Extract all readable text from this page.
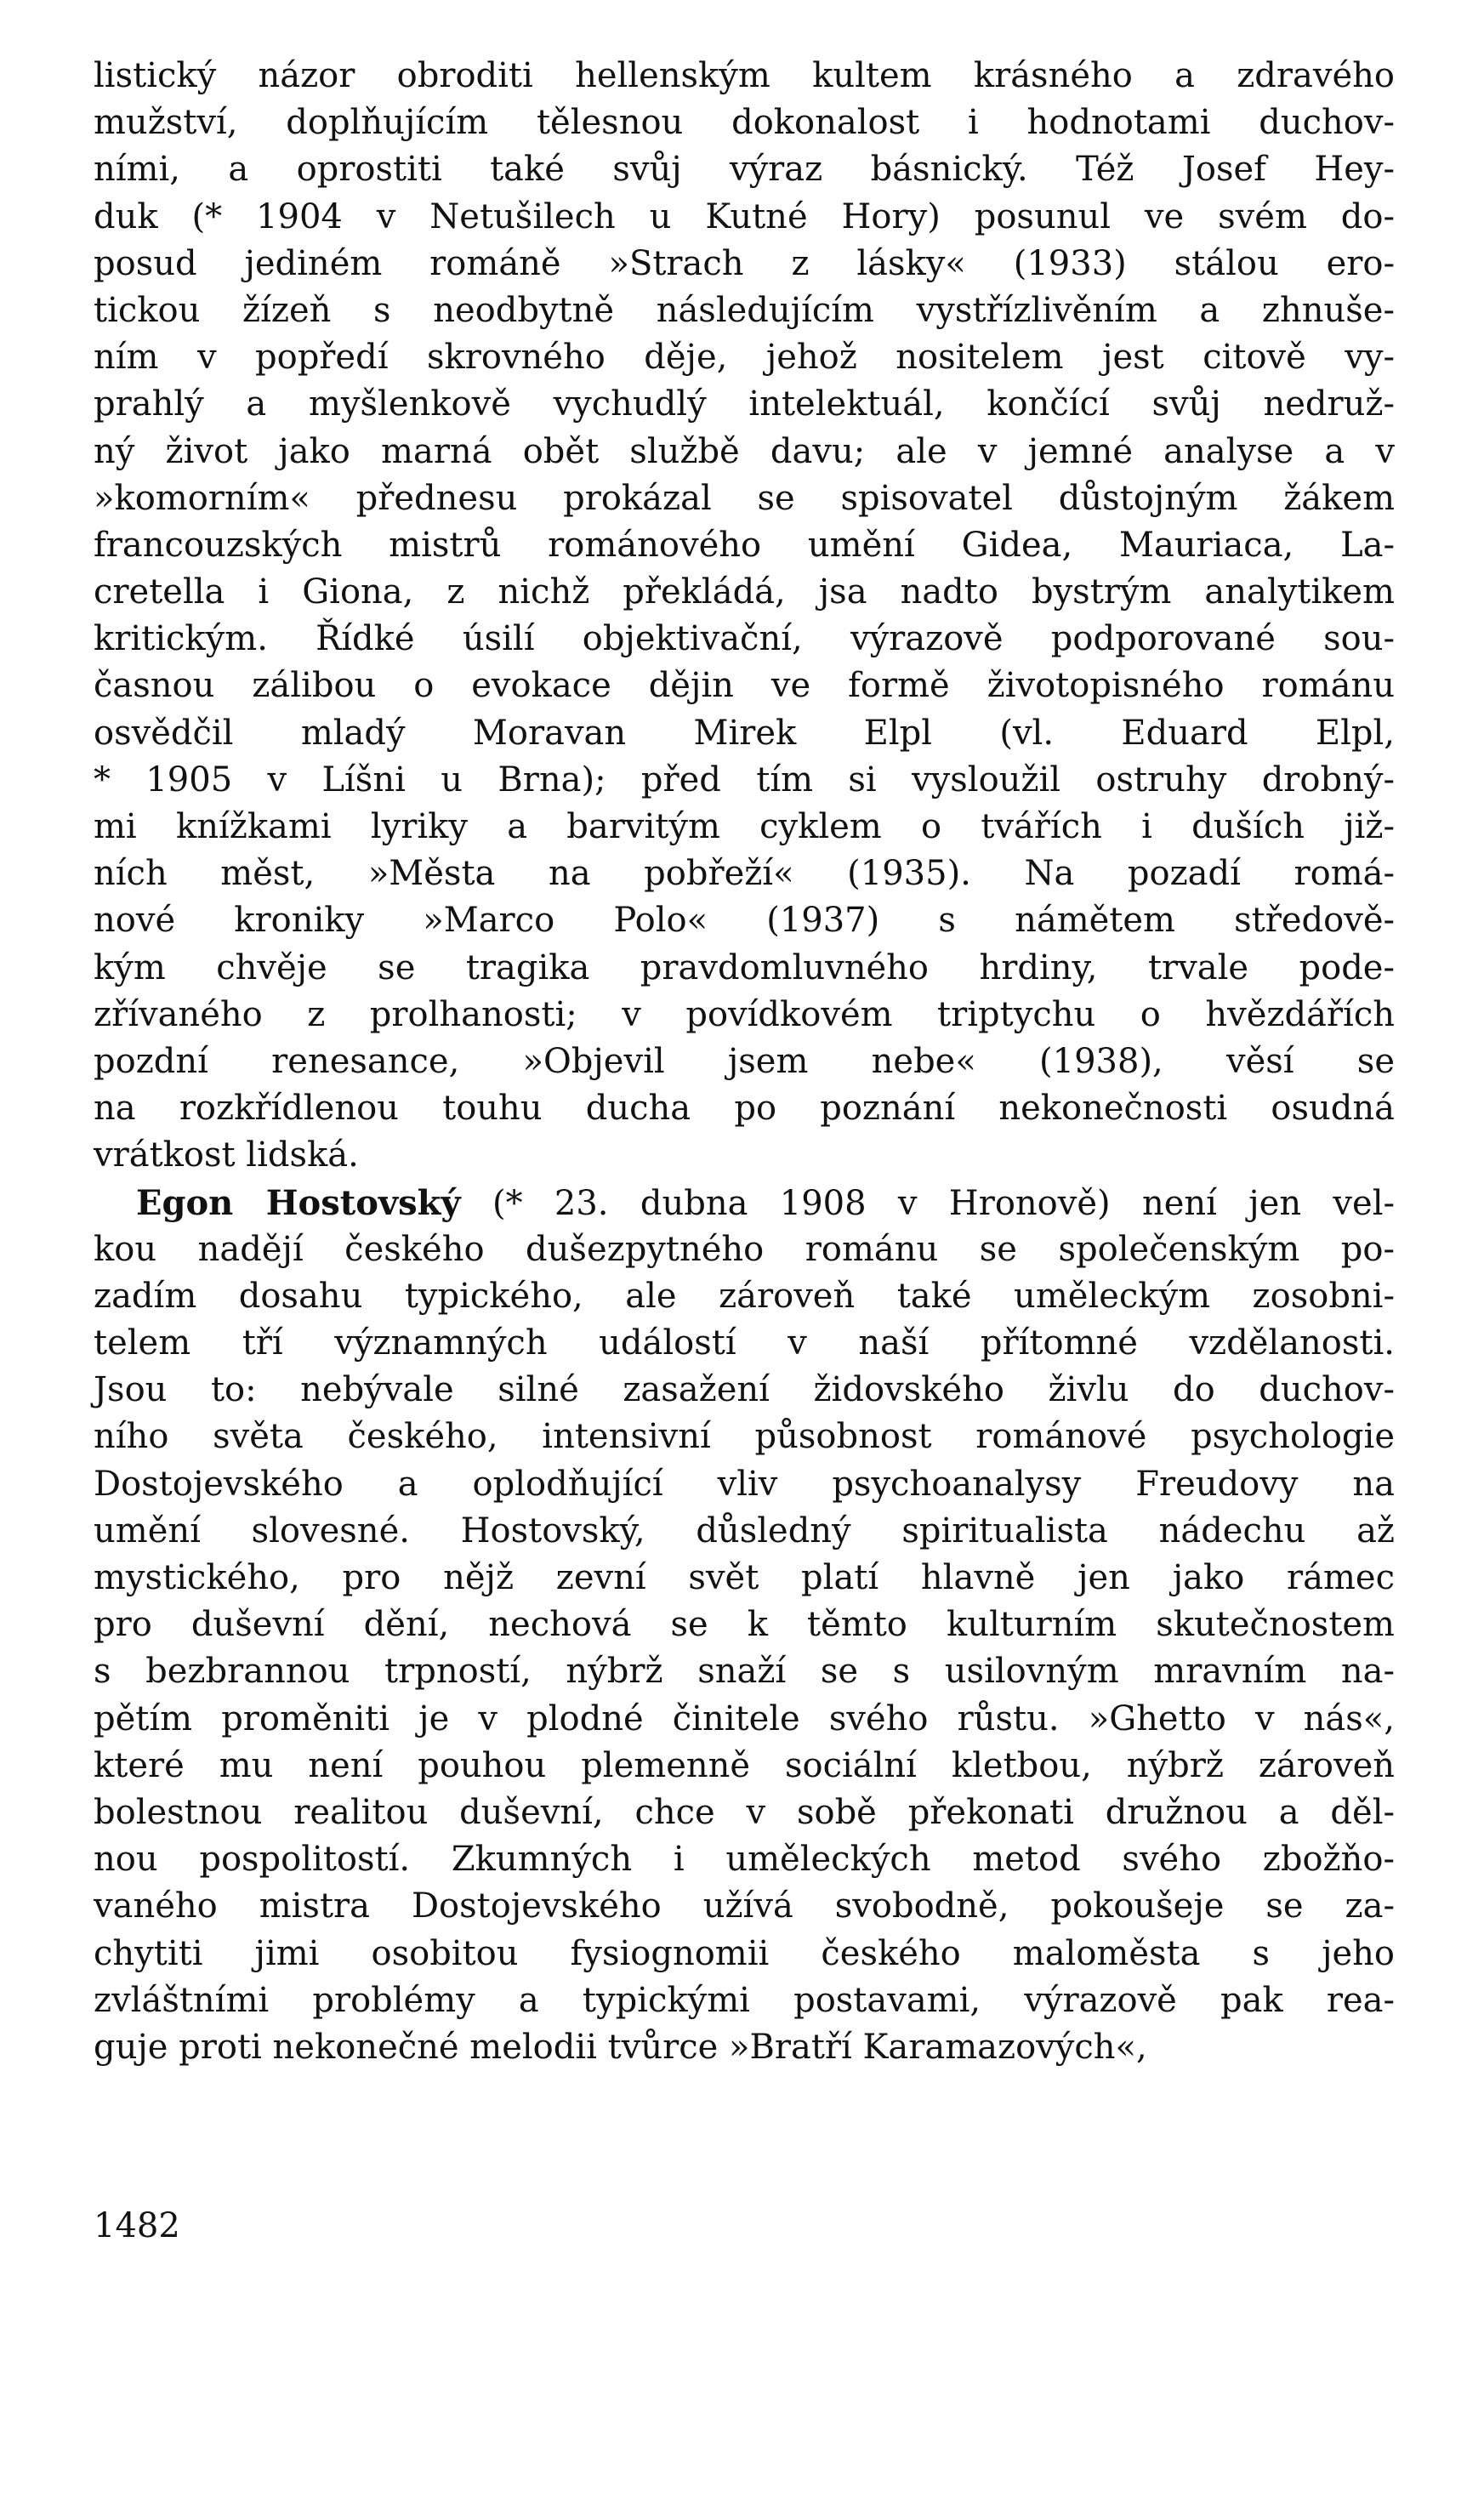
listický názor obroditi hellenským kultem krásného a zdravého
mužství, doplňujícím tělesnou dokonalost i hodnotami duchov-
ními, a oprostiti také svůj výraz básnický. Též Josef Hey-
duk (* 1904 v Netušilech u Kutné Hory) posunul ve svém do-
posud jediném románě »Strach z lásky« (1933) stálou ero-
tickou žízeň s neodbytně následujícím vystřízlivěním a zhnuše-
ním v popředí skrovného děje, jehož nositelem jest citově vy-
prahlý a myšlenkově vychudlý intelektuál, končící svůj nedruž-
ný život jako marná obět službě davu; ale v jemné analyse a v
»komorním« přednesu prokázal se spisovatel důstojným žákem
francouzských mistrů románového umění Gidea, Mauriaca, La-
cretella i Giona, z nichž překládá, jsa nadto bystrým analytikem
kritickým. Řídké úsilí objektivační, výrazově podporované sou-
časnou zálibou o evokace dějin ve formě životopisného románu
osvědčil mladý Moravan Mirek Elpl (vl. Eduard Elpl,
* 1905 v Líšni u Brna); před tím si vysloužil ostruhy drobný-
mi knížkami lyriky a barvitým cyklem o tvářích i duších již-
ních měst, »Města na pobřeží« (1935). Na pozadí romá-
nové kroniky »Marco Polo« (1937) s námětem středově-
kým chvěje se tragika pravdomluvného hrdiny, trvale pode-
zřívaného z prolhanosti; v povídkovém triptychu o hvězdářích
pozdní renesance, »Objevil jsem nebe« (1938), věsí se
na rozkřídlenou touhu ducha po poznání nekonečnosti osudná
vrátkost lidská.
Egon Hostovský (* 23. dubna 1908 v Hronově) není jen vel-
kou nadějí českého dušezpytného románu se společenským po-
zadím dosahu typického, ale zároveň také uměleckým zosobni-
telem tří významných událostí v naší přítomné vzdělanosti.
Jsou to: nebývale silné zasažení židovského živlu do duchov-
ního světa českého, intensivní působnost románové psychologie
Dostojevského a oplodňující vliv psychoanalysy Freudovy na
umění slovesné. Hostovský, důsledný spiritualista nádechu až
mystického, pro nějž zevní svět platí hlavně jen jako rámec
pro duševní dění, nechová se k těmto kulturním skutečnostem
s bezbrannou trpností, nýbrž snaží se s usilovným mravním na-
pětím proměniti je v plodné činitele svého růstu. »Ghetto v nás«,
které mu není pouhou plemenně sociální kletbou, nýbrž zároveň
bolestnou realitou duševní, chce v sobě překonati družnou a děl-
nou pospolitostí. Zkumných i uměleckých metod svého zbožňo-
vaného mistra Dostojevského užívá svobodně, pokoušeje se za-
chytiti jimi osobitou fysiognomii českého maloměsta s jeho
zvláštními problémy a typickými postavami, výrazově pak rea-
guje proti nekonečné melodii tvůrce »Bratří Karamazových«,
1482
